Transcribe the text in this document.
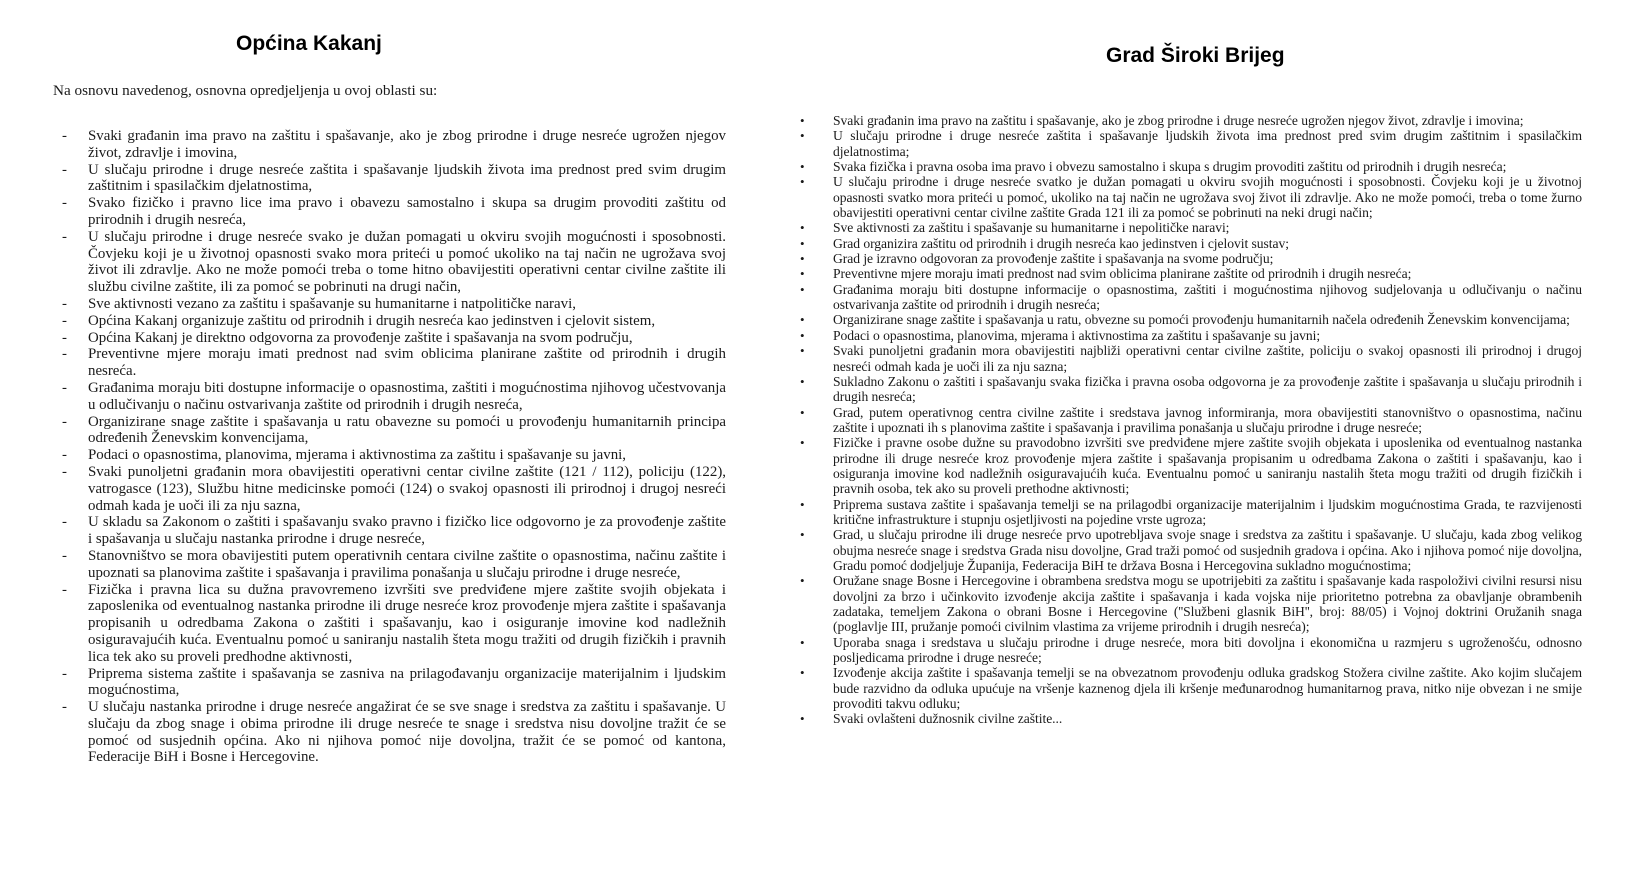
Općina Kakanj
Grad Široki Brijeg

Na osnovu navedenog, osnovna opredjeljenja u ovoj oblasti su:

- Svaki građanin ima pravo na zaštitu i spašavanje, ako je zbog prirodne i druge nesreće ugrožen njegov život, zdravlje i imovina,
- U slučaju prirodne i druge nesreće zaštita i spašavanje ljudskih života ima prednost pred svim drugim zaštitnim i spasilačkim djelatnostima,
- Svako fizičko i pravno lice ima pravo i obavezu samostalno i skupa sa drugim provoditi zaštitu od prirodnih i drugih nesreća,
- U slučaju prirodne i druge nesreće svako je dužan pomagati u okviru svojih mogućnosti i sposobnosti. Čovjeku koji je u životnoj opasnosti svako mora priteći u pomoć ukoliko na taj način ne ugrožava svoj život ili zdravlje. Ako ne može pomoći treba o tome hitno obavijestiti operativni centar civilne zaštite ili službu civilne zaštite, ili za pomoć se pobrinuti na drugi način,
- Sve aktivnosti vezano za zaštitu i spašavanje su humanitarne i natpolitičke naravi,
- Općina Kakanj organizuje zaštitu od prirodnih i drugih nesreća kao jedinstven i cjelovit sistem,
- Općina Kakanj je direktno odgovorna za provođenje zaštite i spašavanja na svom području,
- Preventivne mjere moraju imati prednost nad svim oblicima planirane zaštite od prirodnih i drugih nesreća.
- Građanima moraju biti dostupne informacije o opasnostima, zaštiti i mogućnostima njihovog učestvovanja u odlučivanju o načinu ostvarivanja zaštite od prirodnih i drugih nesreća,
- Organizirane snage zaštite i spašavanja u ratu obavezne su pomoći u provođenju humanitarnih principa određenih Ženevskim konvencijama,
- Podaci o opasnostima, planovima, mjerama i aktivnostima za zaštitu i spašavanje su javni,
- Svaki punoljetni građanin mora obavijestiti operativni centar civilne zaštite (121 / 112), policiju (122), vatrogasce (123), Službu hitne medicinske pomoći (124) o svakoj opasnosti ili prirodnoj i drugoj nesreći odmah kada je uoči ili za nju sazna,
- U skladu sa Zakonom o zaštiti i spašavanju svako pravno i fizičko lice odgovorno je za provođenje zaštite i spašavanja u slučaju nastanka prirodne i druge nesreće,
- Stanovništvo se mora obavijestiti putem operativnih centara civilne zaštite o opasnostima, načinu zaštite i upoznati sa planovima zaštite i spašavanja i pravilima ponašanja u slučaju prirodne i druge nesreće,
- Fizička i pravna lica su dužna pravovremeno izvršiti sve predviđene mjere zaštite svojih objekata i zaposlenika od eventualnog nastanka prirodne ili druge nesreće kroz provođenje mjera zaštite i spašavanja propisanih u odredbama Zakona o zaštiti i spašavanju, kao i osiguranje imovine kod nadležnih osiguravajućih kuća. Eventualnu pomoć u saniranju nastalih šteta mogu tražiti od drugih fizičkih i pravnih lica tek ako su proveli predhodne aktivnosti,
- Priprema sistema zaštite i spašavanja se zasniva na prilagođavanju organizacije materijalnim i ljudskim mogućnostima,
- U slučaju nastanka prirodne i druge nesreće angažirat će se sve snage i sredstva za zaštitu i spašavanje. U slučaju da zbog snage i obima prirodne ili druge nesreće te snage i sredstva nisu dovoljne tražit će se pomoć od susjednih općina. Ako ni njihova pomoć nije dovoljna, tražit će se pomoć od kantona, Federacije BiH i Bosne i Hercegovine.
• Svaki građanin ima pravo na zaštitu i spašavanje, ako je zbog prirodne i druge nesreće ugrožen njegov život, zdravlje i imovina;
• U slučaju prirodne i druge nesreće zaštita i spašavanje ljudskih života ima prednost pred svim drugim zaštitnim i spasilačkim djelatnostima;
• Svaka fizička i pravna osoba ima pravo i obvezu samostalno i skupa s drugim provoditi zaštitu od prirodnih i drugih nesreća;
• U slučaju prirodne i druge nesreće svatko je dužan pomagati u okviru svojih mogućnosti i sposobnosti. Čovjeku koji je u životnoj opasnosti svatko mora priteći u pomoć, ukoliko na taj način ne ugrožava svoj život ili zdravlje. Ako ne može pomoći, treba o tome žurno obavijestiti operativni centar civilne zaštite Grada 121 ili za pomoć se pobrinuti na neki drugi način;
• Sve aktivnosti za zaštitu i spašavanje su humanitarne i nepolitičke naravi;
• Grad organizira zaštitu od prirodnih i drugih nesreća kao jedinstven i cjelovit sustav;
• Grad je izravno odgovoran za provođenje zaštite i spašavanja na svome području;
• Preventivne mjere moraju imati prednost nad svim oblicima planirane zaštite od prirodnih i drugih nesreća;
• Građanima moraju biti dostupne informacije o opasnostima, zaštiti i mogućnostima njihovog sudjelovanja u odlučivanju o načinu ostvarivanja zaštite od prirodnih i drugih nesreća;
• Organizirane snage zaštite i spašavanja u ratu, obvezne su pomoći provođenju humanitarnih načela određenih Ženevskim konvencijama;
• Podaci o opasnostima, planovima, mjerama i aktivnostima za zaštitu i spašavanje su javni;
• Svaki punoljetni građanin mora obavijestiti najbliži operativni centar civilne zaštite, policiju o svakoj opasnosti ili prirodnoj i drugoj nesreći odmah kada je uoči ili za nju sazna;
• Sukladno Zakonu o zaštiti i spašavanju svaka fizička i pravna osoba odgovorna je za provođenje zaštite i spašavanja u slučaju prirodnih i drugih nesreća;
• Grad, putem operativnog centra civilne zaštite i sredstava javnog informiranja, mora obavijestiti stanovništvo o opasnostima, načinu zaštite i upoznati ih s planovima zaštite i spašavanja i pravilima ponašanja u slučaju prirodne i druge nesreće;
• Fizičke i pravne osobe dužne su pravodobno izvršiti sve predviđene mjere zaštite svojih objekata i uposlenika od eventualnog nastanka prirodne ili druge nesreće kroz provođenje mjera zaštite i spašavanja propisanim u odredbama Zakona o zaštiti i spašavanju, kao i osiguranja imovine kod nadležnih osiguravajućih kuća. Eventualnu pomoć u saniranju nastalih šteta mogu tražiti od drugih fizičkih i pravnih osoba, tek ako su proveli prethodne aktivnosti;
• Priprema sustava zaštite i spašavanja temelji se na prilagodbi organizacije materijalnim i ljudskim mogućnostima Grada, te razvijenosti kritične infrastrukture i stupnju osjetljivosti na pojedine vrste ugroza;
• Grad, u slučaju prirodne ili druge nesreće prvo upotrebljava svoje snage i sredstva za zaštitu i spašavanje. U slučaju, kada zbog velikog obujma nesreće snage i sredstva Grada nisu dovoljne, Grad traži pomoć od susjednih gradova i općina. Ako i njihova pomoć nije dovoljna, Gradu pomoć dodjeljuje Županija, Federacija BiH te država Bosna i Hercegovina sukladno mogućnostima;
• Oružane snage Bosne i Hercegovine i obrambena sredstva mogu se upotrijebiti za zaštitu i spašavanje kada raspoloživi civilni resursi nisu dovoljni za brzo i učinkovito izvođenje akcija zaštite i spašavanja i kada vojska nije prioritetno potrebna za obavljanje obrambenih zadataka, temeljem Zakona o obrani Bosne i Hercegovine (''Službeni glasnik BiH'', broj: 88/05) i Vojnoj doktrini Oružanih snaga (poglavlje III, pružanje pomoći civilnim vlastima za vrijeme prirodnih i drugih nesreća);
• Uporaba snaga i sredstava u slučaju prirodne i druge nesreće, mora biti dovoljna i ekonomična u razmjeru s ugroženošću, odnosno posljedicama prirodne i druge nesreće;
• Izvođenje akcija zaštite i spašavanja temelji se na obvezatnom provođenju odluka gradskog Stožera civilne zaštite. Ako kojim slučajem bude razvidno da odluka upućuje na vršenje kaznenog djela ili kršenje međunarodnog humanitarnog prava, nitko nije obvezan i ne smije provoditi takvu odluku;
• Svaki ovlašteni dužnosnik civilne zaštite...
